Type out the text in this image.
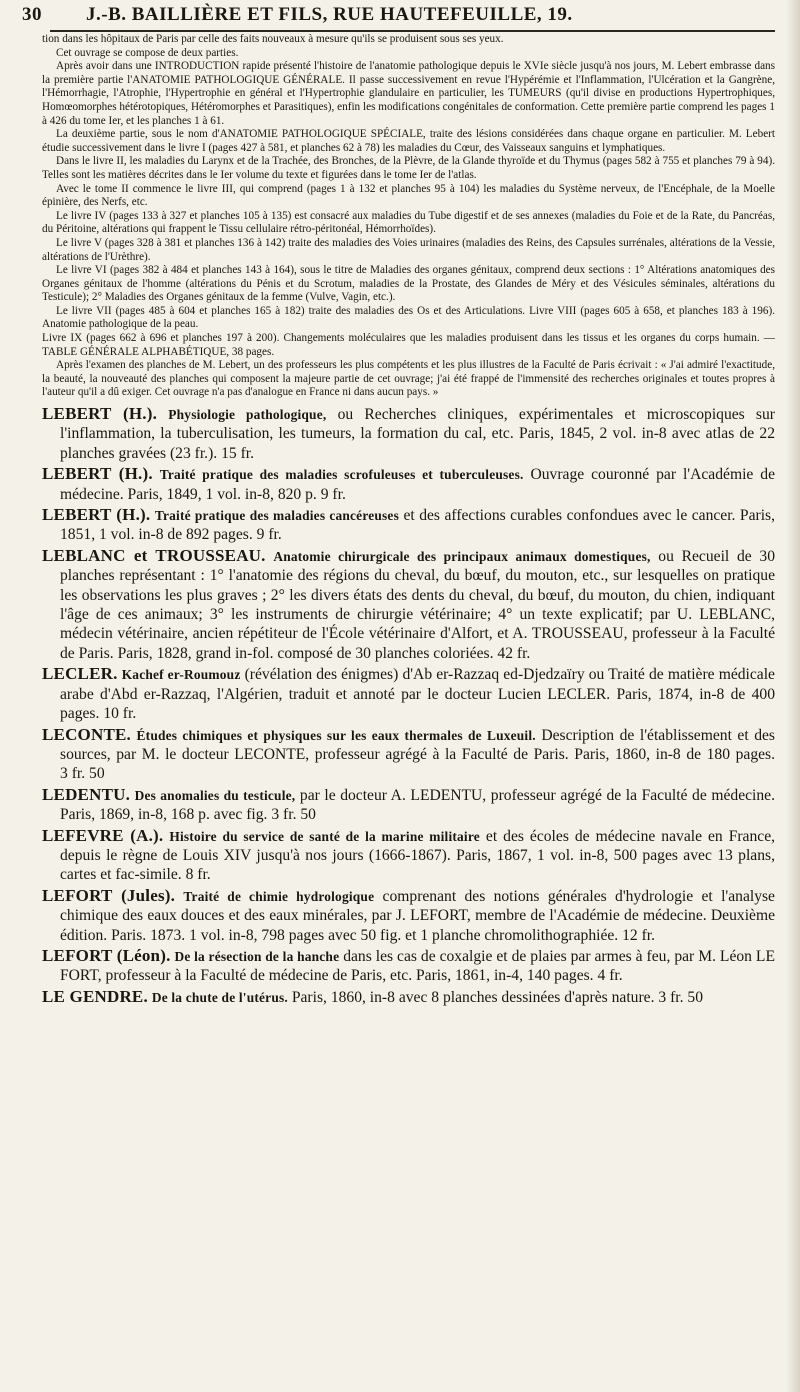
30 J.-B. BAILLIÈRE ET FILS, RUE HAUTEFEUILLE, 19.

tion dans les hôpitaux de Paris par celle des faits nouveaux à mesure qu'ils se produisent sous ses yeux.

Cet ouvrage se compose de deux parties.

Après avoir dans une INTRODUCTION rapide présenté l'histoire de l'anatomie pathologique depuis le XVIe siècle jusqu'à nos jours, M. Lebert embrasse dans la première partie l'ANATOMIE PATHOLOGIQUE GÉNÉRALE. Il passe successivement en revue l'Hypérémie et l'Inflammation, l'Ulcération et la Gangrène, l'Hémorrhagie, l'Atrophie, l'Hypertrophie en général et l'Hypertrophie glandulaire en particulier, les TUMEURS (qu'il divise en productions Hypertrophiques, Homœomorphes hétérotopiques, Hétéromorphes et Parasitiques), enfin les modifications congénitales de conformation. Cette première partie comprend les pages 1 à 426 du tome Ier, et les planches 1 à 61.

La deuxième partie, sous le nom d'ANATOMIE PATHOLOGIQUE SPÉCIALE, traite des lésions considérées dans chaque organe en particulier. M. Lebert étudie successivement dans le livre I (pages 427 à 581, et planches 62 à 78) les maladies du Cœur, des Vaisseaux sanguins et lymphatiques.

Dans le livre II, les maladies du Larynx et de la Trachée, des Bronches, de la Plèvre, de la Glande thyroïde et du Thymus (pages 582 à 755 et planches 79 à 94). Telles sont les matières décrites dans le Ier volume du texte et figurées dans le tome Ier de l'atlas.

Avec le tome II commence le livre III, qui comprend (pages 1 à 132 et planches 95 à 104) les maladies du Système nerveux, de l'Encéphale, de la Moelle épinière, des Nerfs, etc.

Le livre IV (pages 133 à 327 et planches 105 à 135) est consacré aux maladies du Tube digestif et de ses annexes (maladies du Foie et de la Rate, du Pancréas, du Péritoine, altérations qui frappent le Tissu cellulaire rétro-péritonéal, Hémorrhoïdes).

Le livre V (pages 328 à 381 et planches 136 à 142) traite des maladies des Voies urinaires (maladies des Reins, des Capsules surrénales, altérations de la Vessie, altérations de l'Urèthre).

Le livre VI (pages 382 à 484 et planches 143 à 164), sous le titre de Maladies des organes génitaux, comprend deux sections : 1° Altérations anatomiques des Organes génitaux de l'homme (altérations du Pénis et du Scrotum, maladies de la Prostate, des Glandes de Méry et des Vésicules séminales, altérations du Testicule); 2° Maladies des Organes génitaux de la femme (Vulve, Vagin, etc.).

Le livre VII (pages 485 à 604 et planches 165 à 182) traite des maladies des Os et des Articulations. Livre VIII (pages 605 à 658, et planches 183 à 196). Anatomie pathologique de la peau.

Livre IX (pages 662 à 696 et planches 197 à 200). Changements moléculaires que les maladies produisent dans les tissus et les organes du corps humain. — TABLE GÉNÉRALE ALPHABÉTIQUE, 38 pages.

Après l'examen des planches de M. Lebert, un des professeurs les plus compétents et les plus illustres de la Faculté de Paris écrivait : « J'ai admiré l'exactitude, la beauté, la nouveauté des planches qui composent la majeure partie de cet ouvrage; j'ai été frappé de l'immensité des recherches originales et toutes propres à l'auteur qu'il a dû exiger. Cet ouvrage n'a pas d'analogue en France ni dans aucun pays. »

LEBERT (H.). Physiologie pathologique, ou Recherches cliniques, expérimentales et microscopiques sur l'inflammation, la tuberculisation, les tumeurs, la formation du cal, etc. Paris, 1845, 2 vol. in-8 avec atlas de 22 planches gravées (23 fr.). 15 fr.

LEBERT (H.). Traité pratique des maladies scrofuleuses et tuberculeuses. Ouvrage couronné par l'Académie de médecine. Paris, 1849, 1 vol. in-8, 820 p. 9 fr.

LEBERT (H.). Traité pratique des maladies cancéreuses et des affections curables confondues avec le cancer. Paris, 1851, 1 vol. in-8 de 892 pages. 9 fr.

LEBLANC et TROUSSEAU. Anatomie chirurgicale des principaux animaux domestiques, ou Recueil de 30 planches représentant : 1° l'anatomie des régions du cheval, du bœuf, du mouton, etc., sur lesquelles on pratique les observations les plus graves ; 2° les divers états des dents du cheval, du bœuf, du mouton, du chien, indiquant l'âge de ces animaux; 3° les instruments de chirurgie vétérinaire; 4° un texte explicatif; par U. LEBLANC, médecin vétérinaire, ancien répétiteur de l'École vétérinaire d'Alfort, et A. TROUSSEAU, professeur à la Faculté de Paris. Paris, 1828, grand in-fol. composé de 30 planches coloriées. 42 fr.

LECLER. Kachef er-Roumouz (révélation des énigmes) d'Ab er-Razzaq ed-Djedzaïry ou Traité de matière médicale arabe d'Abd er-Razzaq, l'Algérien, traduit et annoté par le docteur Lucien LECLER. Paris, 1874, in-8 de 400 pages. 10 fr.

LECONTE. Études chimiques et physiques sur les eaux thermales de Luxeuil. Description de l'établissement et des sources, par M. le docteur LECONTE, professeur agrégé à la Faculté de Paris. Paris, 1860, in-8 de 180 pages. 3 fr. 50

LEDENTU. Des anomalies du testicule, par le docteur A. LEDENTU, professeur agrégé de la Faculté de médecine. Paris, 1869, in-8, 168 p. avec fig. 3 fr. 50

LEFEVRE (A.). Histoire du service de santé de la marine militaire et des écoles de médecine navale en France, depuis le règne de Louis XIV jusqu'à nos jours (1666-1867). Paris, 1867, 1 vol. in-8, 500 pages avec 13 plans, cartes et fac-simile. 8 fr.

LEFORT (Jules). Traité de chimie hydrologique comprenant des notions générales d'hydrologie et l'analyse chimique des eaux douces et des eaux minérales, par J. LEFORT, membre de l'Académie de médecine. Deuxième édition. Paris. 1873. 1 vol. in-8, 798 pages avec 50 fig. et 1 planche chromolithographiée. 12 fr.

LEFORT (Léon). De la résection de la hanche dans les cas de coxalgie et de plaies par armes à feu, par M. Léon LE FORT, professeur à la Faculté de médecine de Paris, etc. Paris, 1861, in-4, 140 pages. 4 fr.

LE GENDRE. De la chute de l'utérus. Paris, 1860, in-8 avec 8 planches dessinées d'après nature. 3 fr. 50
